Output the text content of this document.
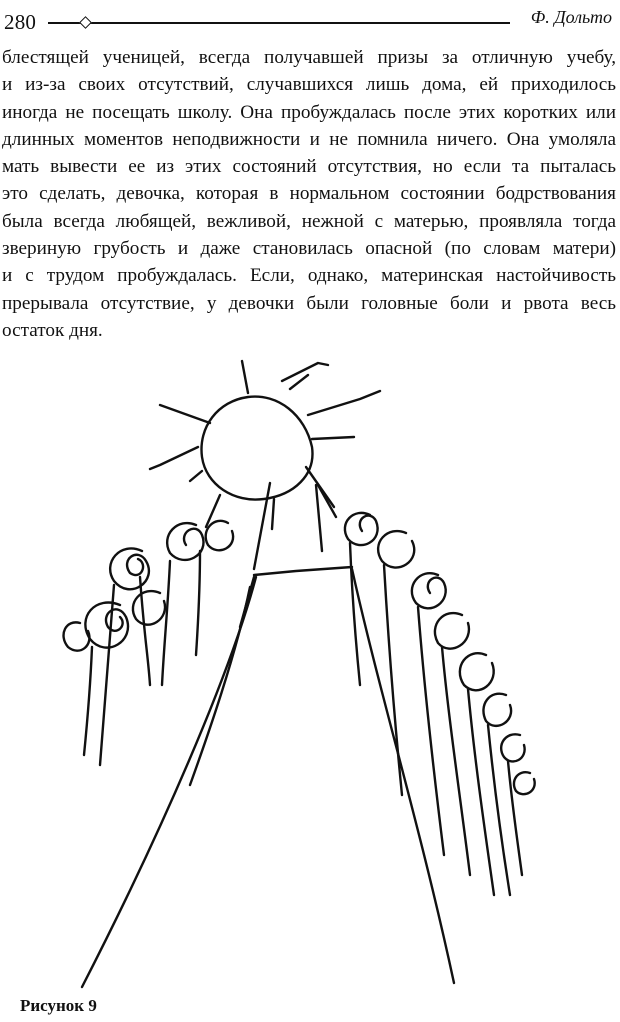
280	Ф. Дольто
блестящей ученицей, всегда получавшей призы за отличную учебу,
и из-за своих отсутствий, случавшихся лишь дома, ей приходилось
иногда не посещать школу. Она пробуждалась после этих коротких или
длинных моментов неподвижности и не помнила ничего. Она умоляла
мать вывести ее из этих состояний отсутствия, но если та пыталась
это сделать, девочка, которая в нормальном состоянии бодрствования
была всегда любящей, вежливой, нежной с матерью, проявляла тогда
звериную грубость и даже становилась опасной (по словам матери)
и с трудом пробуждалась. Если, однако, материнская настойчивость
прерывала отсутствие, у девочки были головные боли и рвота весь
остаток дня.
Рисунок 9
